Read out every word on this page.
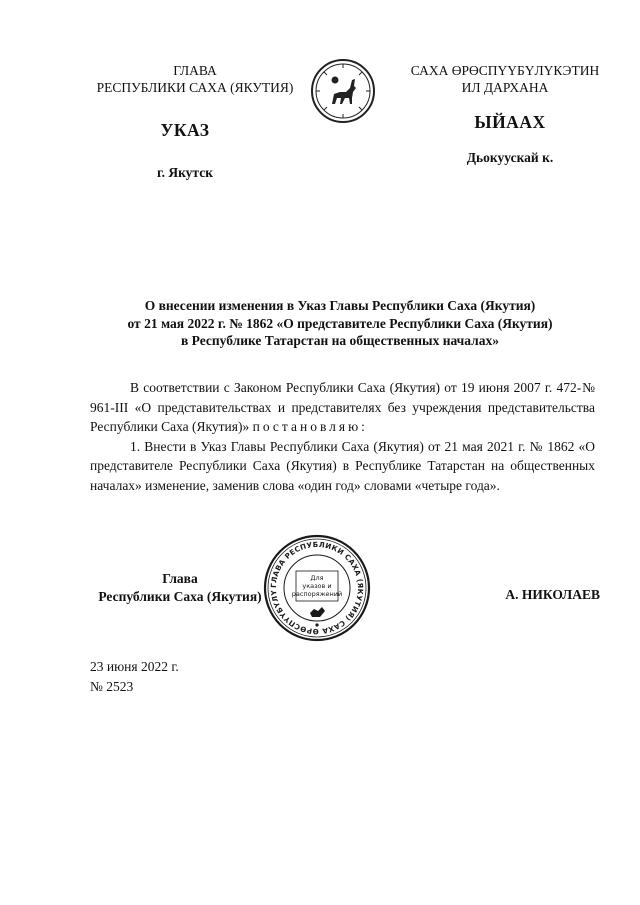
ГЛАВА
РЕСПУБЛИКИ САХА (ЯКУТИЯ)
САХА ӨРӨСПҮҮБҮЛҮКЭТИН
ИЛ ДАРХАНА
УКАЗ	ЫЙААХ
г. Якутск
Дьокуускай к.
О внесении изменения в Указ Главы Республики Саха (Якутия)
от 21 мая 2022 г. № 1862 «О представителе Республики Саха (Якутия)
в Республике Татарстан на общественных началах»

В соответствии с Законом Республики Саха (Якутия) от 19 июня 2007 г. 472-№ 961-III «О представительствах и представителях без учреждения представительства Республики Саха (Якутия)» постановляю:

1. Внести в Указ Главы Республики Саха (Якутия) от 21 мая 2021 г. № 1862 «О представителе Республики Саха (Якутия) в Республике Татарстан на общественных началах» изменение, заменив слова «один год» словами «четыре года».

Глава
Республики Саха (Якутия)
ГЛАВА РЕСПУБЛИКИ САХА (ЯКУТИЯ) САХА ӨРӨСПҮҮБҮЛҮ
Для
указов и
распоряжений	А. НИКОЛАЕВ
23 июня 2022 г.
№ 2523
